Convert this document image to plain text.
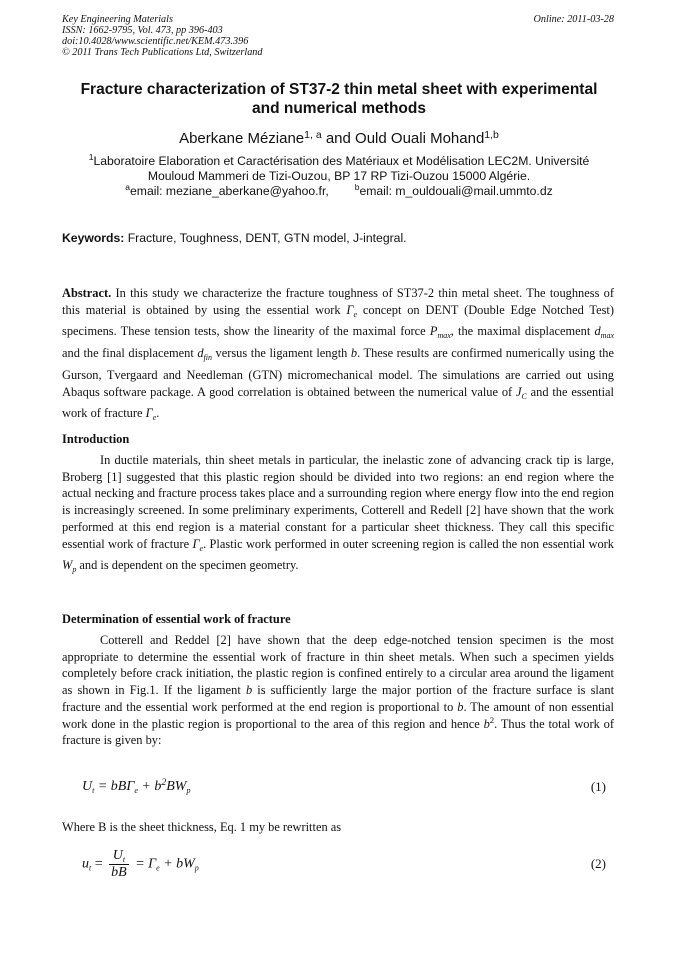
Key Engineering Materials
ISSN: 1662-9795, Vol. 473, pp 396-403
doi:10.4028/www.scientific.net/KEM.473.396
© 2011 Trans Tech Publications Ltd, Switzerland
Online: 2011-03-28
Fracture characterization of ST37-2 thin metal sheet with experimental
and numerical methods
Aberkane Méziane$^{1, a}$ and Ould Ouali Mohand$^{1,b}$
$^1$Laboratoire Elaboration et Caractérisation des Matériaux et Modélisation LEC2M. Université
Mouloud Mammeri de Tizi-Ouzou, BP 17 RP Tizi-Ouzou 15000 Algérie.
$^a$email: meziane_aberkane@yahoo.fr,	$^b$email: m_ouldouali@mail.ummto.dz
Keywords: Fracture, Toughness, DENT, GTN model, J-integral.
Abstract. In this study we characterize the fracture toughness of ST37-2 thin metal sheet. The toughness of this material is obtained by using the essential work $\Gamma_e$ concept on DENT (Double Edge Notched Test) specimens. These tension tests, show the linearity of the maximal force $P_{max}$, the maximal displacement $d_{max}$ and the final displacement $d_{fin}$ versus the ligament length b. These results are confirmed numerically using the Gurson, Tvergaard and Needleman (GTN) micromechanical model. The simulations are carried out using Abaqus software package. A good correlation is obtained between the numerical value of $J_C$ and the essential work of fracture $\Gamma_e$.
Introduction
In ductile materials, thin sheet metals in particular, the inelastic zone of advancing crack tip is large, Broberg [1] suggested that this plastic region should be divided into two regions: an end region where the actual necking and fracture process takes place and a surrounding region where energy flow into the end region is increasingly screened. In some preliminary experiments, Cotterell and Redell [2] have shown that the work performed at this end region is a material constant for a particular sheet thickness. They call this specific essential work of fracture $\Gamma_e$. Plastic work performed in outer screening region is called the non essential work $W_p$ and is dependent on the specimen geometry.
Determination of essential work of fracture
Cotterell and Reddel [2] have shown that the deep edge-notched tension specimen is the most appropriate to determine the essential work of fracture in thin sheet metals. When such a specimen yields completely before crack initiation, the plastic region is confined entirely to a circular area around the ligament as shown in Fig.1. If the ligament b is sufficiently large the major portion of the fracture surface is slant fracture and the essential work performed at the end region is proportional to b. The amount of non essential work done in the plastic region is proportional to the area of this region and hence $b^2$. Thus the total work of fracture is given by:
$U_t = bB\Gamma_e + b^2BW_p$	(1)
Where B is the sheet thickness, Eq. 1 my be rewritten as
$u_t = \frac{U_t}{bB} = \Gamma_e + bW_p$	(2)
